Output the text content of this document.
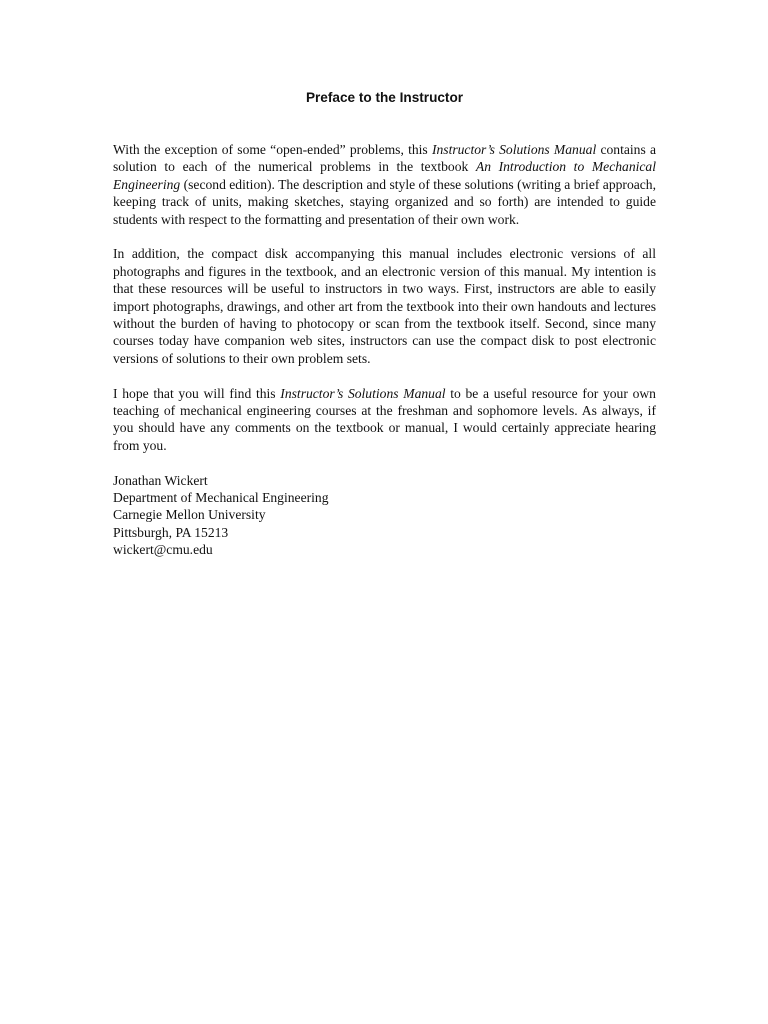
Preface to the Instructor

With the exception of some “open-ended” problems, this Instructor’s Solutions Manual contains a solution to each of the numerical problems in the textbook An Introduction to Mechanical Engineering (second edition). The description and style of these solutions (writing a brief approach, keeping track of units, making sketches, staying organized and so forth) are intended to guide students with respect to the formatting and presentation of their own work.

In addition, the compact disk accompanying this manual includes electronic versions of all photographs and figures in the textbook, and an electronic version of this manual. My intention is that these resources will be useful to instructors in two ways. First, instructors are able to easily import photographs, drawings, and other art from the textbook into their own handouts and lectures without the burden of having to photocopy or scan from the textbook itself. Second, since many courses today have companion web sites, instructors can use the compact disk to post electronic versions of solutions to their own problem sets.

I hope that you will find this Instructor’s Solutions Manual to be a useful resource for your own teaching of mechanical engineering courses at the freshman and sophomore levels. As always, if you should have any comments on the textbook or manual, I would certainly appreciate hearing from you.

Jonathan Wickert
Department of Mechanical Engineering
Carnegie Mellon University
Pittsburgh, PA 15213
wickert@cmu.edu
